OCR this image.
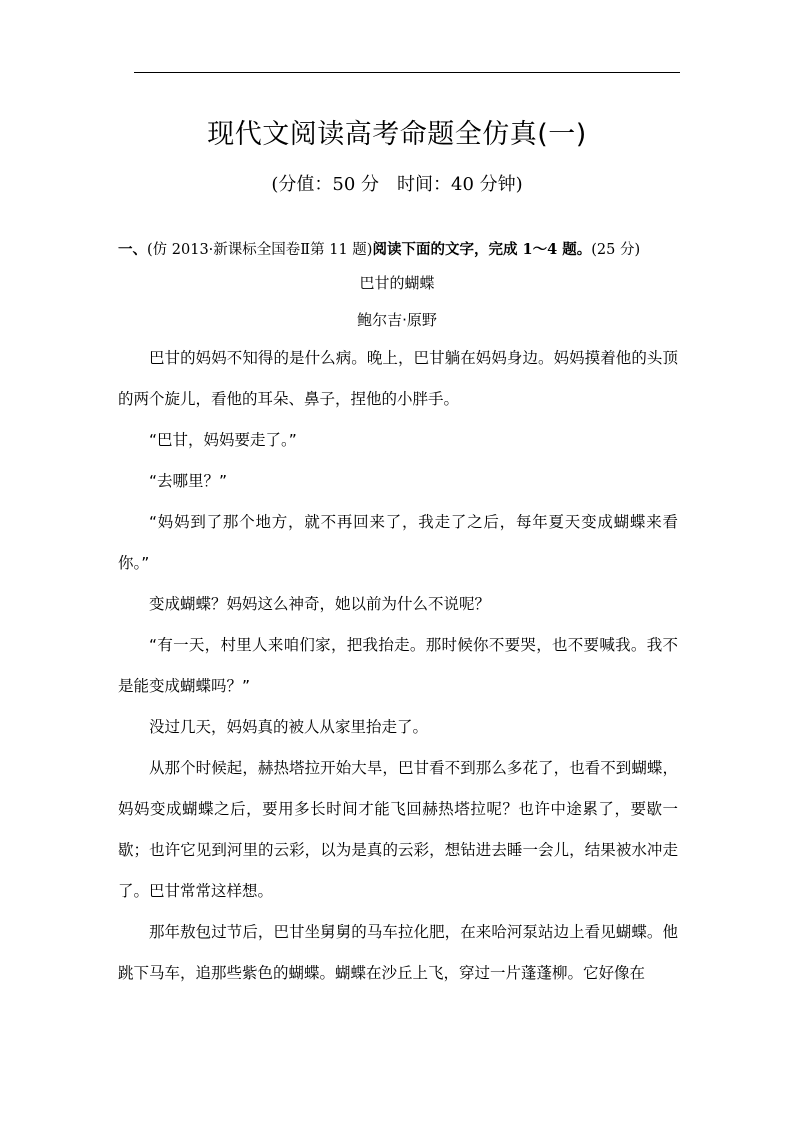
现代文阅读高考命题全仿真(一)
(分值：50 分　时间：40 分钟)
一、(仿 2013·新课标全国卷Ⅱ第 11 题)阅读下面的文字，完成 1～4 题。(25 分)
巴甘的蝴蝶
鲍尔吉·原野

巴甘的妈妈不知得的是什么病。晚上，巴甘躺在妈妈身边。妈妈摸着他的头顶的两个旋儿，看他的耳朵、鼻子，捏他的小胖手。

“巴甘，妈妈要走了。”

“去哪里？”

“妈妈到了那个地方，就不再回来了，我走了之后，每年夏天变成蝴蝶来看你。”

变成蝴蝶？妈妈这么神奇，她以前为什么不说呢？

“有一天，村里人来咱们家，把我抬走。那时候你不要哭，也不要喊我。我不是能变成蝴蝶吗？”

没过几天，妈妈真的被人从家里抬走了。

从那个时候起，赫热塔拉开始大旱，巴甘看不到那么多花了，也看不到蝴蝶，妈妈变成蝴蝶之后，要用多长时间才能飞回赫热塔拉呢？也许中途累了，要歇一歇；也许它见到河里的云彩，以为是真的云彩，想钻进去睡一会儿，结果被水冲走了。巴甘常常这样想。

那年敖包过节后，巴甘坐舅舅的马车拉化肥，在来哈河泵站边上看见蝴蝶。他跳下马车，追那些紫色的蝴蝶。蝴蝶在沙丘上飞，穿过一片蓬蓬柳。它好像在
